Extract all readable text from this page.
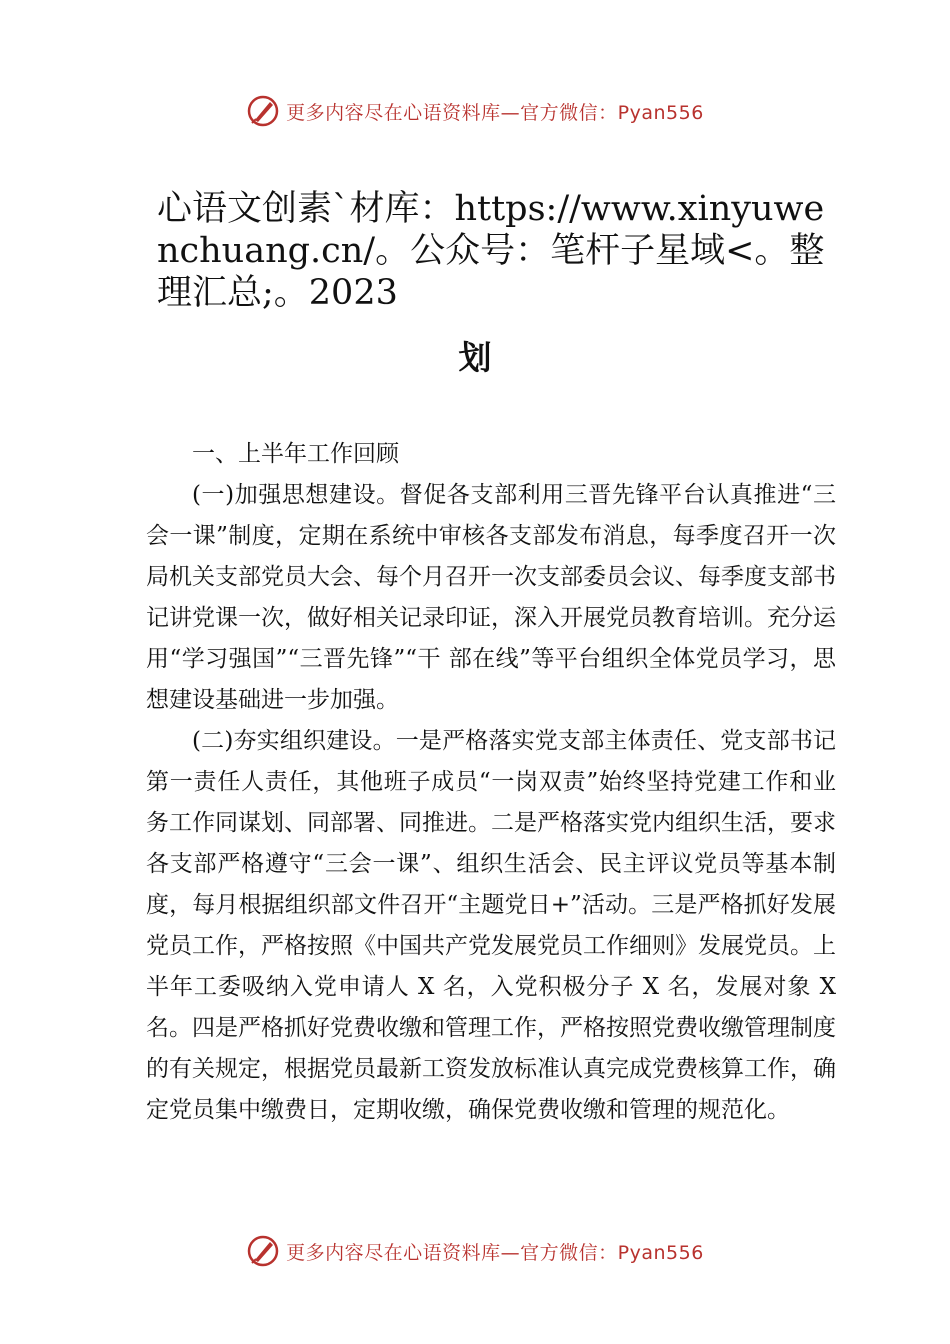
更多内容尽在心语资料库—官方微信：Pyan556
心语文创素`材库：https://www.xinyuwenchuang.cn/。公众号：笔杆子星域<。整理汇总;。2023
划

一、上半年工作回顾

(一)加强思想建设。督促各支部利用三晋先锋平台认真推进“三会一课”制度，定期在系统中审核各支部发布消息，每季度召开一次局机关支部党员大会、每个月召开一次支部委员会议、每季度支部书记讲党课一次，做好相关记录印证，深入开展党员教育培训。充分运用“学习强国”“三晋先锋”“干 部在线”等平台组织全体党员学习，思想建设基础进一步加强。

(二)夯实组织建设。一是严格落实党支部主体责任、党支部书记第一责任人责任，其他班子成员“一岗双责”始终坚持党建工作和业务工作同谋划、同部署、同推进。二是严格落实党内组织生活，要求各支部严格遵守“三会一课”、组织生活会、民主评议党员等基本制度，每月根据组织部文件召开“主题党日+”活动。三是严格抓好发展党员工作，严格按照《中国共产党发展党员工作细则》发展党员。上半年工委吸纳入党申请人 X 名，入党积极分子 X 名，发展对象 X 名。四是严格抓好党费收缴和管理工作，严格按照党费收缴管理制度的有关规定，根据党员最新工资发放标准认真完成党费核算工作，确定党员集中缴费日，定期收缴，确保党费收缴和管理的规范化。

更多内容尽在心语资料库—官方微信：Pyan556
